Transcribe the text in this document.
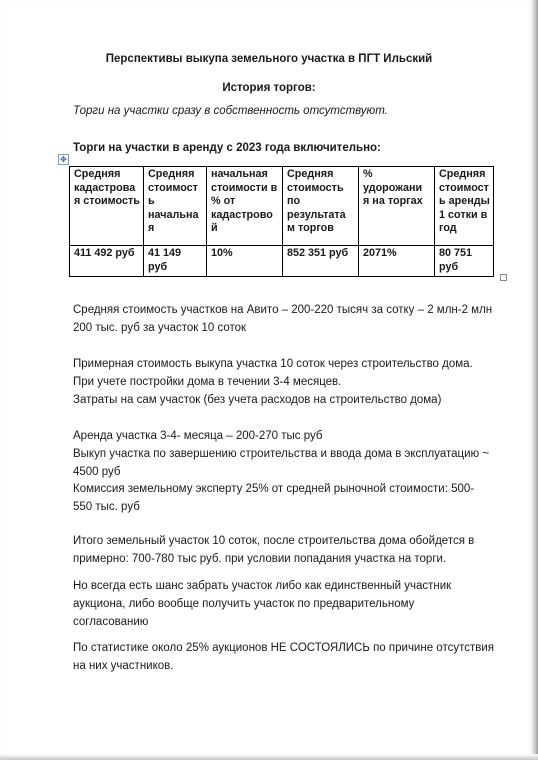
Перспективы выкупа земельного участка в ПГТ Ильский
История торгов:
Торги на участки сразу в собственность отсутствуют.
Торги на участки в аренду с 2023 года включительно:
✥
Средняя кадастрова я стоимость	Средняя стоимост ь начальна я	начальная стоимости в % от кадастрово й	Средняя стоимость по результата м торгов	% удорожани я на торгах	Средняя стоимост ь аренды 1 сотки в год
411 492 руб	41 149 руб	10%	852 351 руб	2071%	80 751 руб
Средняя стоимость участков на Авито – 200-220 тысяч за сотку – 2 млн-2 млн
200 тыс. руб за участок 10 соток
Примерная стоимость выкупа участка 10 соток через строительство дома.
При учете постройки дома в течении 3-4 месяцев.
Затраты на сам участок (без учета расходов на строительство дома)
Аренда участка 3-4- месяца – 200-270 тыс руб
Выкуп участка по завершению строительства и ввода дома в эксплуатацию ~
4500 руб
Комиссия земельному эксперту 25% от средней рыночной стоимости: 500-
550 тыс. руб
Итого земельный участок 10 соток, после строительства дома обойдется в
примерно: 700-780 тыс руб. при условии попадания участка на торги.
Но всегда есть шанс забрать участок либо как единственный участник
аукциона, либо вообще получить участок по предварительному
согласованию
По статистике около 25% аукционов НЕ СОСТОЯЛИСЬ по причине отсутствия
на них участников.
